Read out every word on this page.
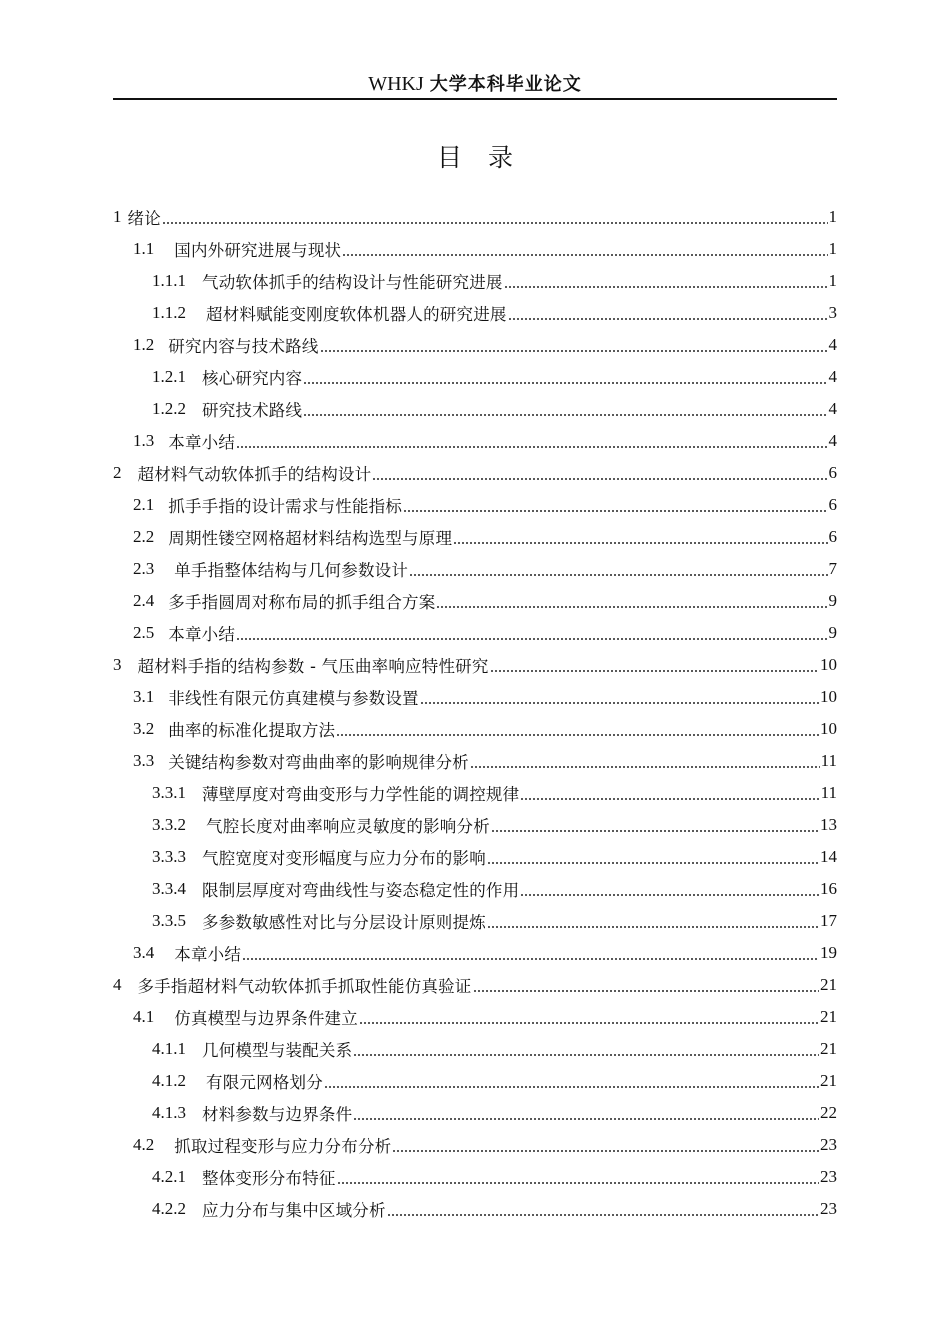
WHKJ 大学本科毕业论文
目录
1 绪论	1
1.1 国内外研究进展与现状	1
1.1.1 气动软体抓手的结构设计与性能研究进展	1
1.1.2 超材料赋能变刚度软体机器人的研究进展	3
1.2 研究内容与技术路线	4
1.2.1 核心研究内容	4
1.2.2 研究技术路线	4
1.3 本章小结	4
2 超材料气动软体抓手的结构设计	6
2.1 抓手手指的设计需求与性能指标	6
2.2 周期性镂空网格超材料结构选型与原理	6
2.3 单手指整体结构与几何参数设计	7
2.4 多手指圆周对称布局的抓手组合方案	9
2.5 本章小结	9
3 超材料手指的结构参数 - 气压曲率响应特性研究	10
3.1 非线性有限元仿真建模与参数设置	10
3.2 曲率的标准化提取方法	10
3.3 关键结构参数对弯曲曲率的影响规律分析	11
3.3.1 薄壁厚度对弯曲变形与力学性能的调控规律	11
3.3.2 气腔长度对曲率响应灵敏度的影响分析	13
3.3.3 气腔宽度对变形幅度与应力分布的影响	14
3.3.4 限制层厚度对弯曲线性与姿态稳定性的作用	16
3.3.5 多参数敏感性对比与分层设计原则提炼	17
3.4 本章小结	19
4 多手指超材料气动软体抓手抓取性能仿真验证	21
4.1 仿真模型与边界条件建立	21
4.1.1 几何模型与装配关系	21
4.1.2 有限元网格划分	21
4.1.3 材料参数与边界条件	22
4.2 抓取过程变形与应力分布分析	23
4.2.1 整体变形分布特征	23
4.2.2 应力分布与集中区域分析	23
